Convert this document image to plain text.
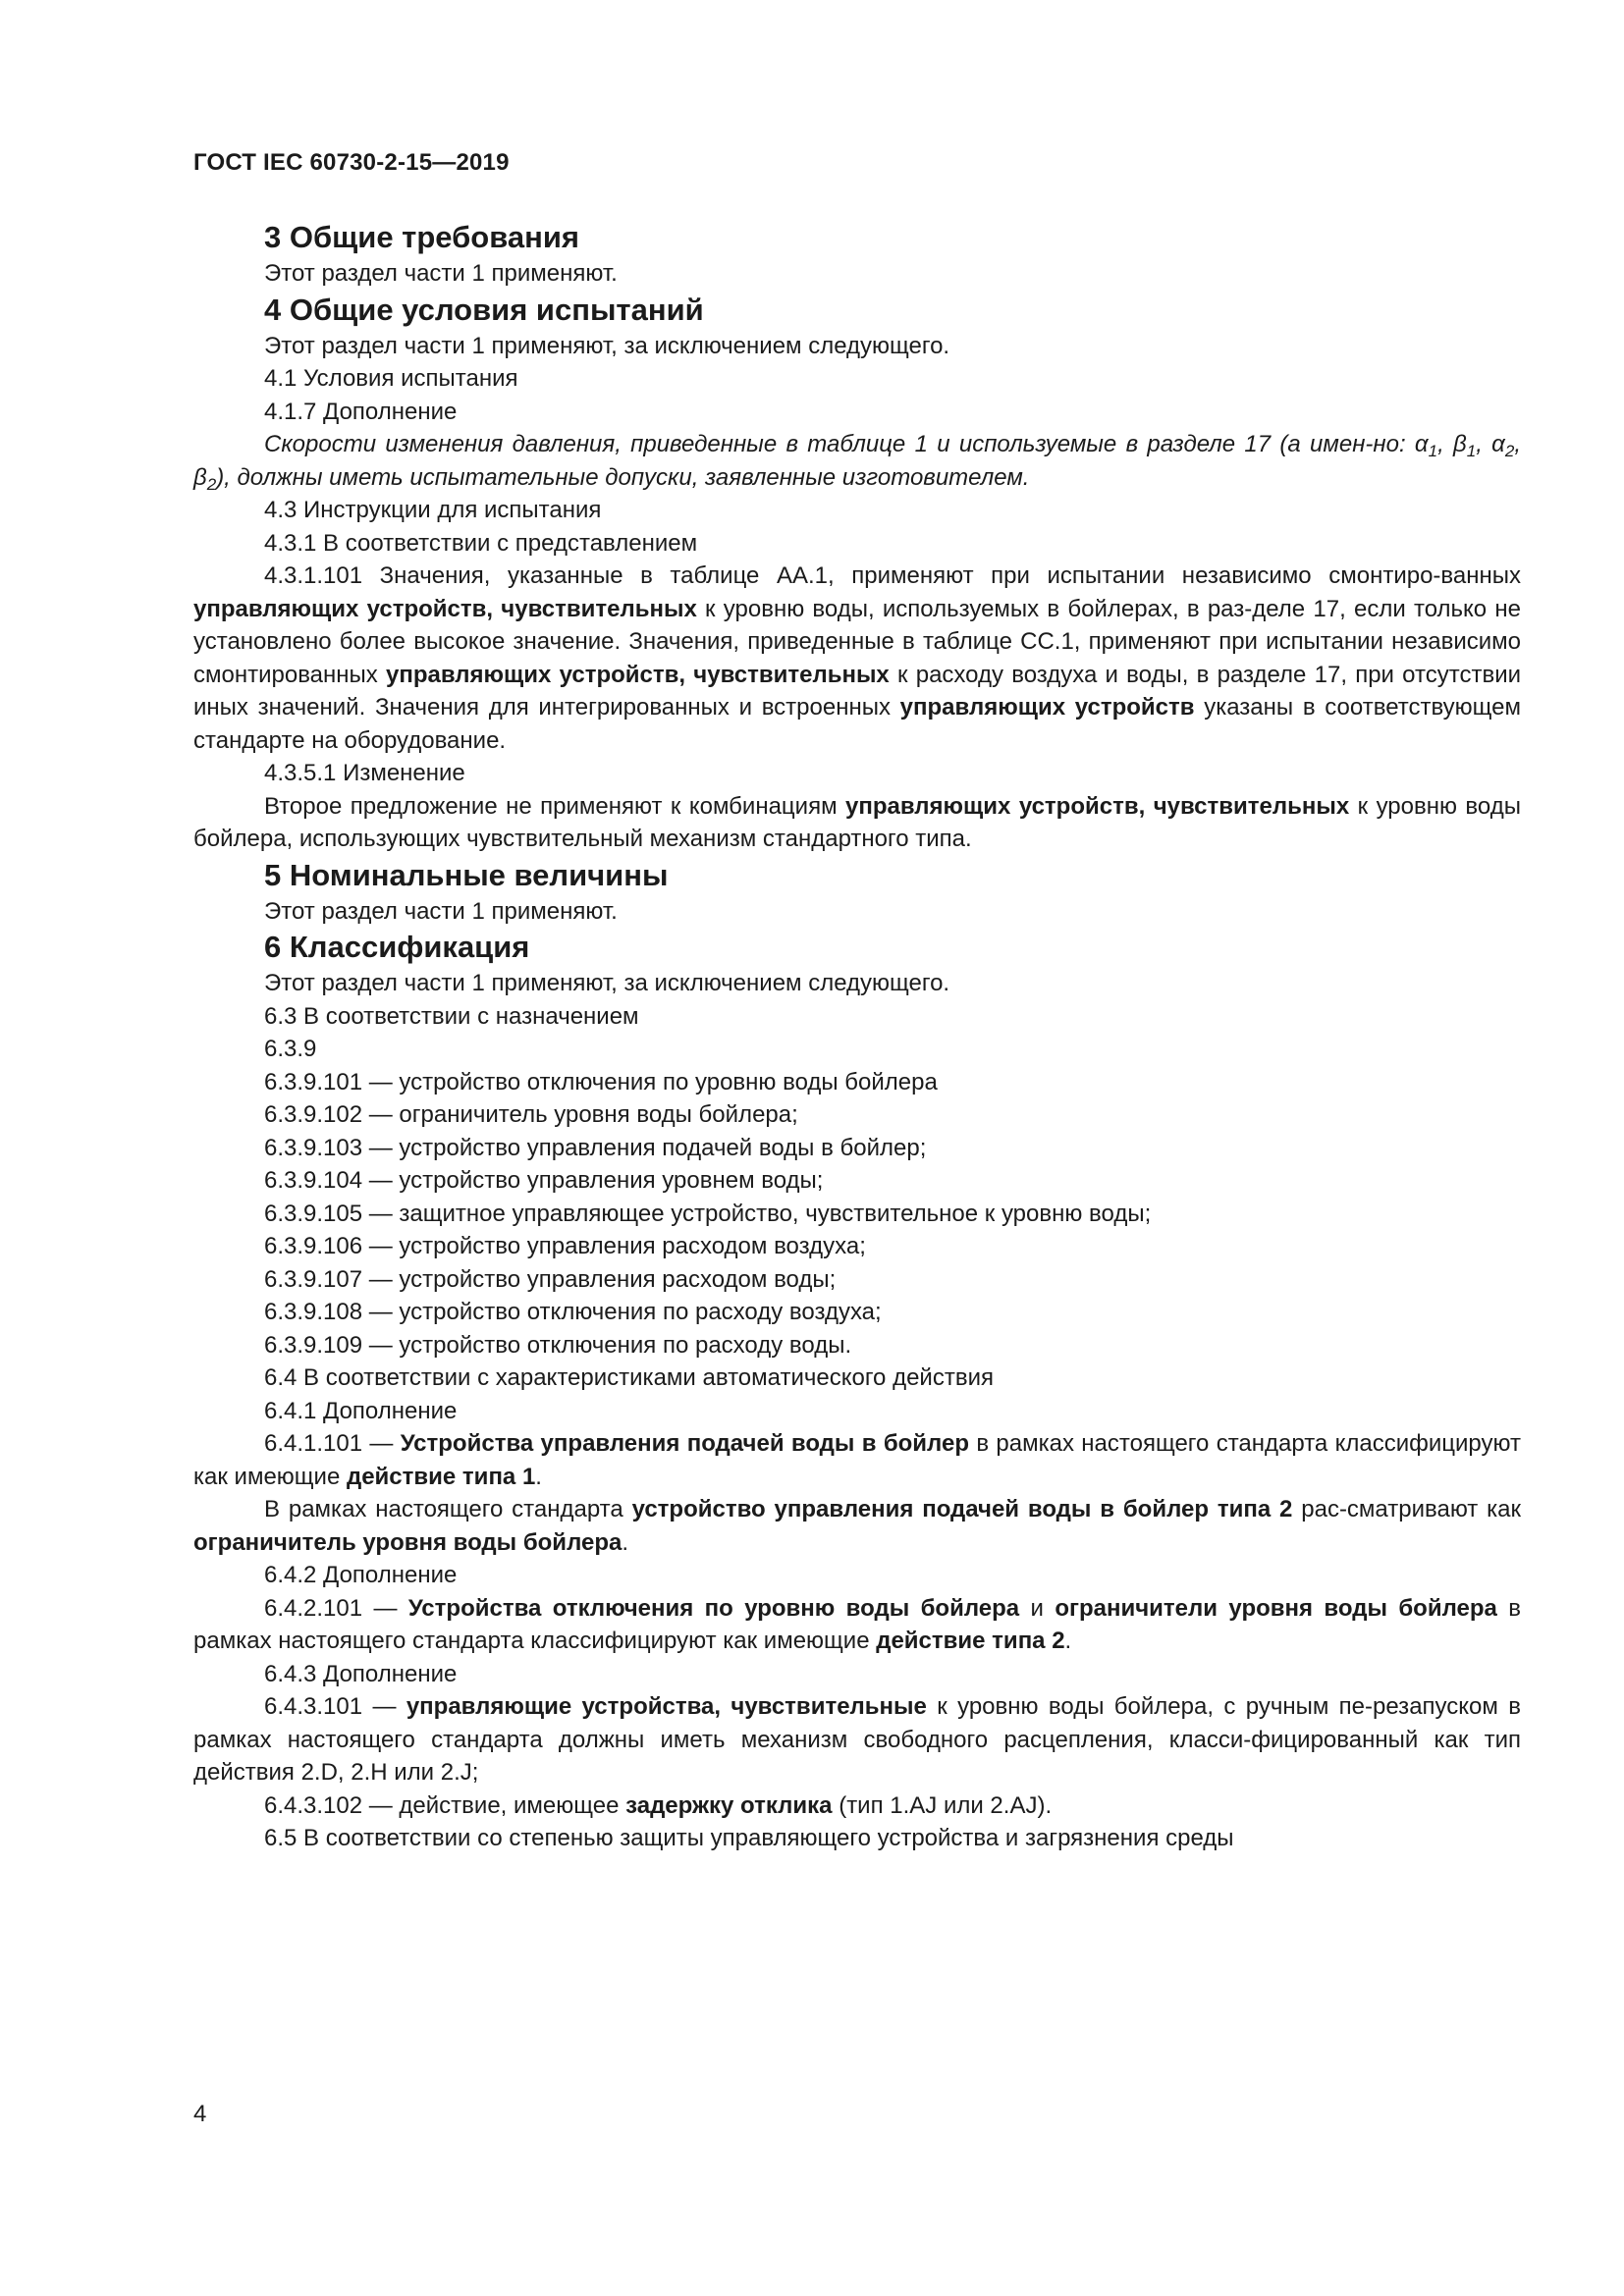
ГОСТ IEC 60730-2-15—2019

3 Общие требования

Этот раздел части 1 применяют.

4 Общие условия испытаний

Этот раздел части 1 применяют, за исключением следующего.

4.1 Условия испытания

4.1.7 Дополнение

Скорости изменения давления, приведенные в таблице 1 и используемые в разделе 17 (а имен-но: $\alpha_1$, $\beta_1$, $\alpha_2$, $\beta_2$), должны иметь испытательные допуски, заявленные изготовителем.

4.3 Инструкции для испытания

4.3.1 В соответствии с представлением

4.3.1.101 Значения, указанные в таблице АА.1, применяют при испытании независимо смонтиро-ванных управляющих устройств, чувствительных к уровню воды, используемых в бойлерах, в раз-деле 17, если только не установлено более высокое значение. Значения, приведенные в таблице СС.1, применяют при испытании независимо смонтированных управляющих устройств, чувствительных к расходу воздуха и воды, в разделе 17, при отсутствии иных значений. Значения для интегрированных и встроенных управляющих устройств указаны в соответствующем стандарте на оборудование.

4.3.5.1 Изменение

Второе предложение не применяют к комбинациям управляющих устройств, чувствительных к уровню воды бойлера, использующих чувствительный механизм стандартного типа.

5 Номинальные величины

Этот раздел части 1 применяют.

6 Классификация

Этот раздел части 1 применяют, за исключением следующего.

6.3 В соответствии с назначением

6.3.9

6.3.9.101 — устройство отключения по уровню воды бойлера

6.3.9.102 — ограничитель уровня воды бойлера;

6.3.9.103 — устройство управления подачей воды в бойлер;

6.3.9.104 — устройство управления уровнем воды;

6.3.9.105 — защитное управляющее устройство, чувствительное к уровню воды;

6.3.9.106 — устройство управления расходом воздуха;

6.3.9.107 — устройство управления расходом воды;

6.3.9.108 — устройство отключения по расходу воздуха;

6.3.9.109 — устройство отключения по расходу воды.

6.4 В соответствии с характеристиками автоматического действия

6.4.1 Дополнение

6.4.1.101 — Устройства управления подачей воды в бойлер в рамках настоящего стандарта классифицируют как имеющие действие типа 1.

В рамках настоящего стандарта устройство управления подачей воды в бойлер типа 2 рас-сматривают как ограничитель уровня воды бойлера.

6.4.2 Дополнение

6.4.2.101 — Устройства отключения по уровню воды бойлера и ограничители уровня воды бойлера в рамках настоящего стандарта классифицируют как имеющие действие типа 2.

6.4.3 Дополнение

6.4.3.101 — управляющие устройства, чувствительные к уровню воды бойлера, с ручным пе-резапуском в рамках настоящего стандарта должны иметь механизм свободного расцепления, класси-фицированный как тип действия 2.D, 2.H или 2.J;

6.4.3.102 — действие, имеющее задержку отклика (тип 1.AJ или 2.AJ).

6.5 В соответствии со степенью защиты управляющего устройства и загрязнения среды

4
